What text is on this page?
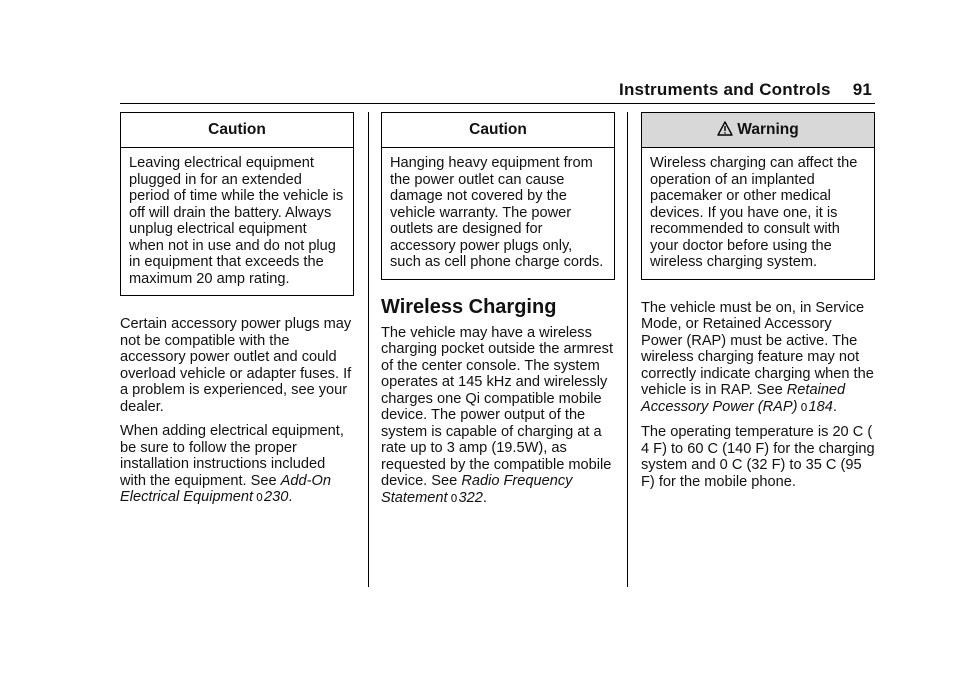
Instruments and Controls 91
Caution
Leaving electrical equipment plugged in for an extended period of time while the vehicle is off will drain the battery. Always unplug electrical equipment when not in use and do not plug in equipment that exceeds the maximum 20 amp rating.

Certain accessory power plugs may not be compatible with the accessory power outlet and could overload vehicle or adapter fuses. If a problem is experienced, see your dealer.

When adding electrical equipment, be sure to follow the proper installation instructions included with the equipment. See Add-On Electrical Equipment 0230.

Caution
Hanging heavy equipment from the power outlet can cause damage not covered by the vehicle warranty. The power outlets are designed for accessory power plugs only, such as cell phone charge cords.
Wireless Charging

The vehicle may have a wireless charging pocket outside the armrest of the center console. The system operates at 145 kHz and wirelessly charges one Qi compatible mobile device. The power output of the system is capable of charging at a rate up to 3 amp (19.5W), as requested by the compatible mobile device. See Radio Frequency Statement 0322.

Warning
Wireless charging can affect the operation of an implanted pacemaker or other medical devices. If you have one, it is recommended to consult with your doctor before using the wireless charging system.

The vehicle must be on, in Service Mode, or Retained Accessory Power (RAP) must be active. The wireless charging feature may not correctly indicate charging when the vehicle is in RAP. See Retained Accessory Power (RAP) 0184.

The operating temperature is 20 C ( 4 F) to 60 C (140 F) for the charging system and 0 C (32 F) to 35 C (95 F) for the mobile phone.
